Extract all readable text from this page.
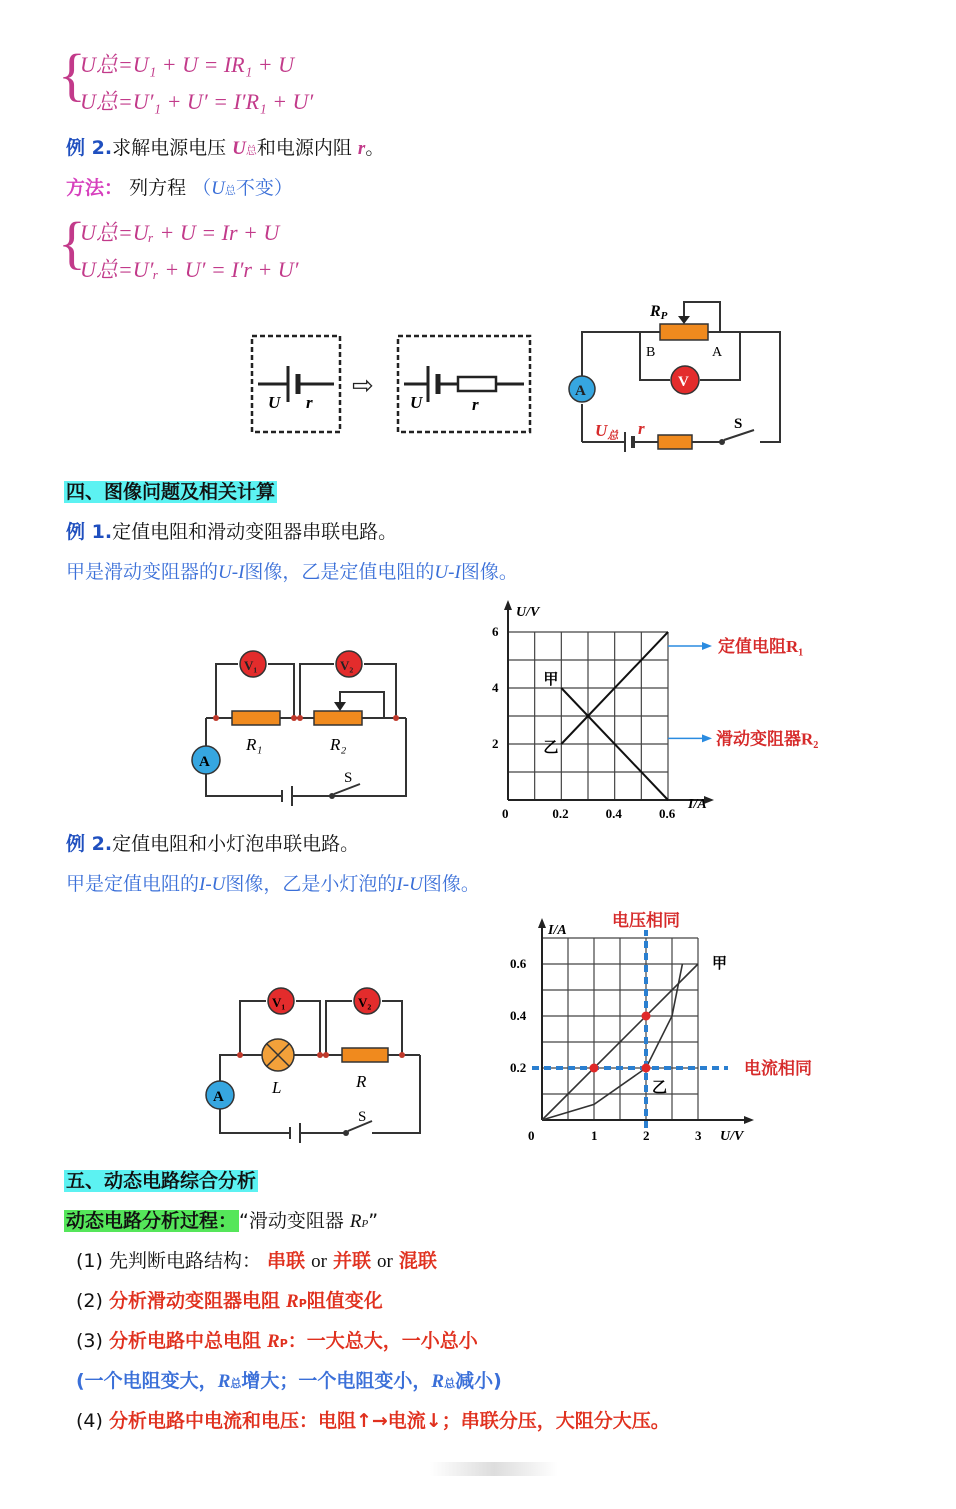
{
U总=U₁ + U = IR₁ + U
U总=U′₁ + U′ = I′R₁ + U′
例 2.求解电源电压 U总和电源内阻 r。
方法： 列方程 （U总不变）
{
U总=Uᵣ + U = Ir + U
U总=U′ᵣ + U′ = I′r + U′
U r
⇨
U	r
RP
B	A
V
A
U总 r	S
四、图像问题及相关计算
例 1.定值电阻和滑动变阻器串联电路。
甲是滑动变阻器的U-I图像，乙是定值电阻的U-I图像。
V₁	V₂
R₁	R₂
A
S
U/V
I/A
0	0.2	0.4	0.6
2
4
6
甲
乙
定值电阻R₁
滑动变阻器R₂
例 2.定值电阻和小灯泡串联电路。
甲是定值电阻的I-U图像，乙是小灯泡的I-U图像。
V₁	V₂
L	R
A
S
I/A
U/V
0	1	2	3
0.2
0.4
0.6	甲
乙
电压相同
电流相同
五、动态电路综合分析
动态电路分析过程： “滑动变阻器 RP”
(1) 先判断电路结构： 串联 or 并联 or 混联
(2) 分析滑动变阻器电阻 RP阻值变化
(3) 分析电路中总电阻 RP：一大总大，一小总小
(一个电阻变大，R总增大；一个电阻变小，R总减小)
(4) 分析电路中电流和电压：电阻↑→电流↓；串联分压，大阻分大压。
